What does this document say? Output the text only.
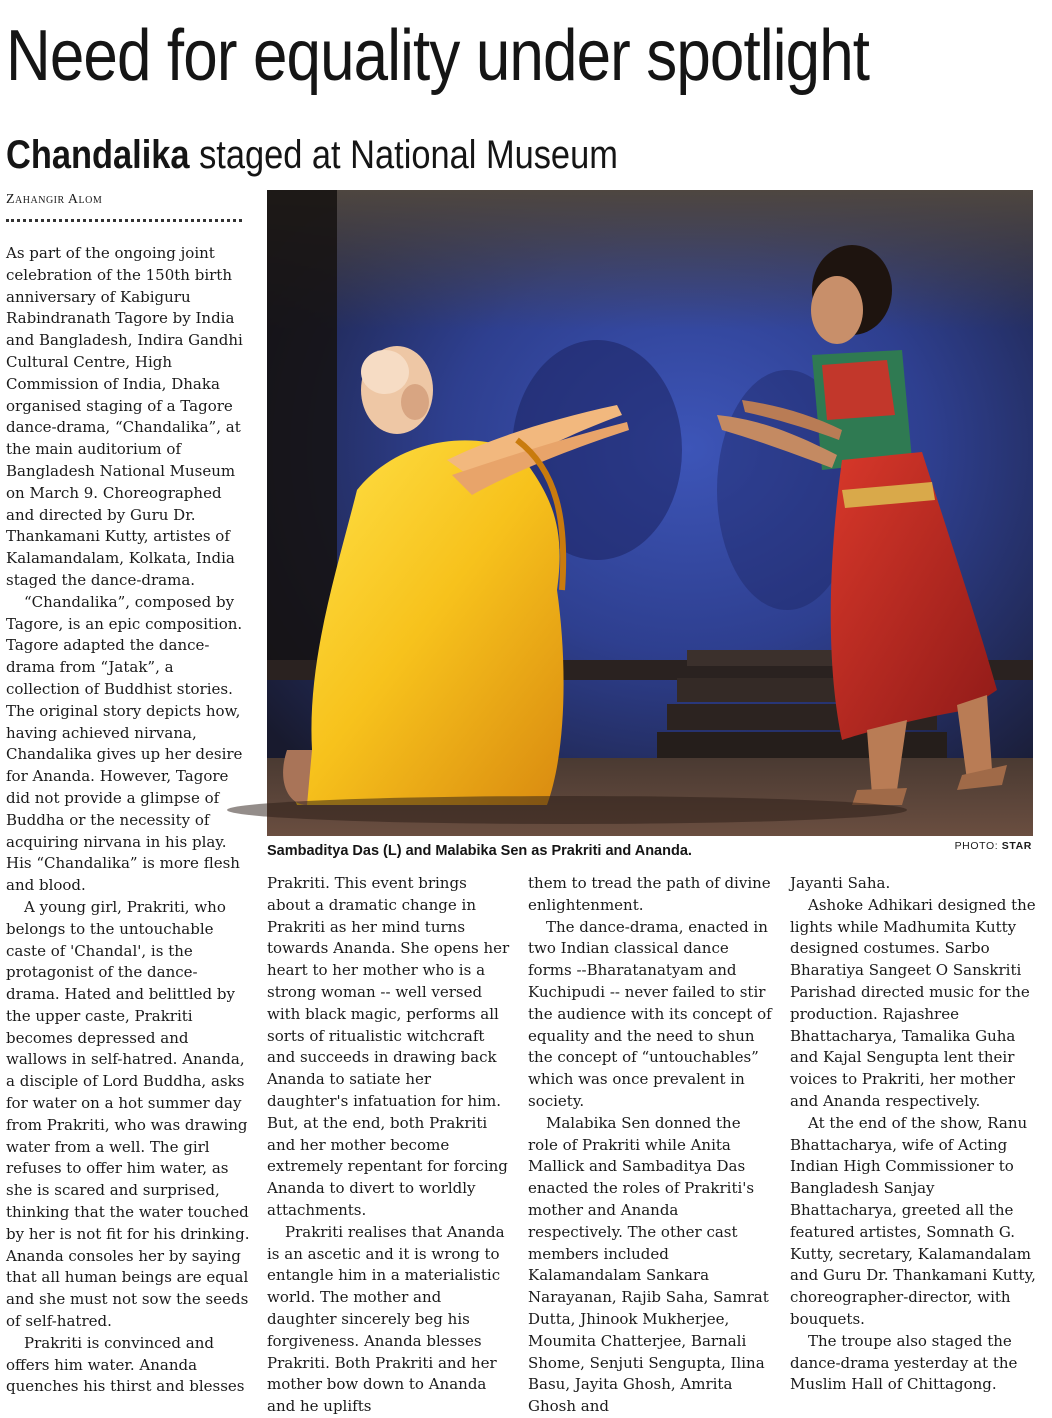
Need for equality under spotlight
Chandalika staged at National Museum
Zahangir Alom

As part of the ongoing joint celebration of the 150th birth anniversary of Kabiguru Rabindranath Tagore by India and Bangladesh, Indira Gandhi Cultural Centre, High Commission of India, Dhaka organised staging of a Tagore dance-drama, “Chandalika”, at the main auditorium of Bangladesh National Museum on March 9. Choreographed and directed by Guru Dr. Thankamani Kutty, artistes of Kalamandalam, Kolkata, India staged the dance-drama.

“Chandalika”, composed by Tagore, is an epic composition. Tagore adapted the dance-drama from “Jatak”, a collection of Buddhist stories. The original story depicts how, having achieved nirvana, Chandalika gives up her desire for Ananda. However, Tagore did not provide a glimpse of Buddha or the necessity of acquiring nirvana in his play. His “Chandalika” is more flesh and blood.

A young girl, Prakriti, who belongs to the untouchable caste of 'Chandal', is the protagonist of the dance-drama. Hated and belittled by the upper caste, Prakriti becomes depressed and wallows in self-hatred. Ananda, a disciple of Lord Buddha, asks for water on a hot summer day from Prakriti, who was drawing water from a well. The girl refuses to offer him water, as she is scared and surprised, thinking that the water touched by her is not fit for his drinking. Ananda consoles her by saying that all human beings are equal and she must not sow the seeds of self-hatred.

Prakriti is convinced and offers him water. Ananda quenches his thirst and blesses

Sambaditya Das (L) and Malabika Sen as Prakriti and Ananda.	PHOTO: STAR

Prakriti. This event brings about a dramatic change in Prakriti as her mind turns towards Ananda. She opens her heart to her mother who is a strong woman -- well versed with black magic, performs all sorts of ritualistic witchcraft and succeeds in drawing back Ananda to satiate her daughter's infatuation for him. But, at the end, both Prakriti and her mother become extremely repentant for forcing Ananda to divert to worldly attachments.

Prakriti realises that Ananda is an ascetic and it is wrong to entangle him in a materialistic world. The mother and daughter sincerely beg his forgiveness. Ananda blesses Prakriti. Both Prakriti and her mother bow down to Ananda and he uplifts

them to tread the path of divine enlightenment.

The dance-drama, enacted in two Indian classical dance forms --Bharatanatyam and Kuchipudi -- never failed to stir the audience with its concept of equality and the need to shun the concept of “untouchables” which was once prevalent in society.

Malabika Sen donned the role of Prakriti while Anita Mallick and Sambaditya Das enacted the roles of Prakriti's mother and Ananda respectively. The other cast members included Kalamandalam Sankara Narayanan, Rajib Saha, Samrat Dutta, Jhinook Mukherjee, Moumita Chatterjee, Barnali Shome, Senjuti Sengupta, Ilina Basu, Jayita Ghosh, Amrita Ghosh and

Jayanti Saha.

Ashoke Adhikari designed the lights while Madhumita Kutty designed costumes. Sarbo Bharatiya Sangeet O Sanskriti Parishad directed music for the production. Rajashree Bhattacharya, Tamalika Guha and Kajal Sengupta lent their voices to Prakriti, her mother and Ananda respectively.

At the end of the show, Ranu Bhattacharya, wife of Acting Indian High Commissioner to Bangladesh Sanjay Bhattacharya, greeted all the featured artistes, Somnath G. Kutty, secretary, Kalamandalam and Guru Dr. Thankamani Kutty, choreographer-director, with bouquets.

The troupe also staged the dance-drama yesterday at the Muslim Hall of Chittagong.
